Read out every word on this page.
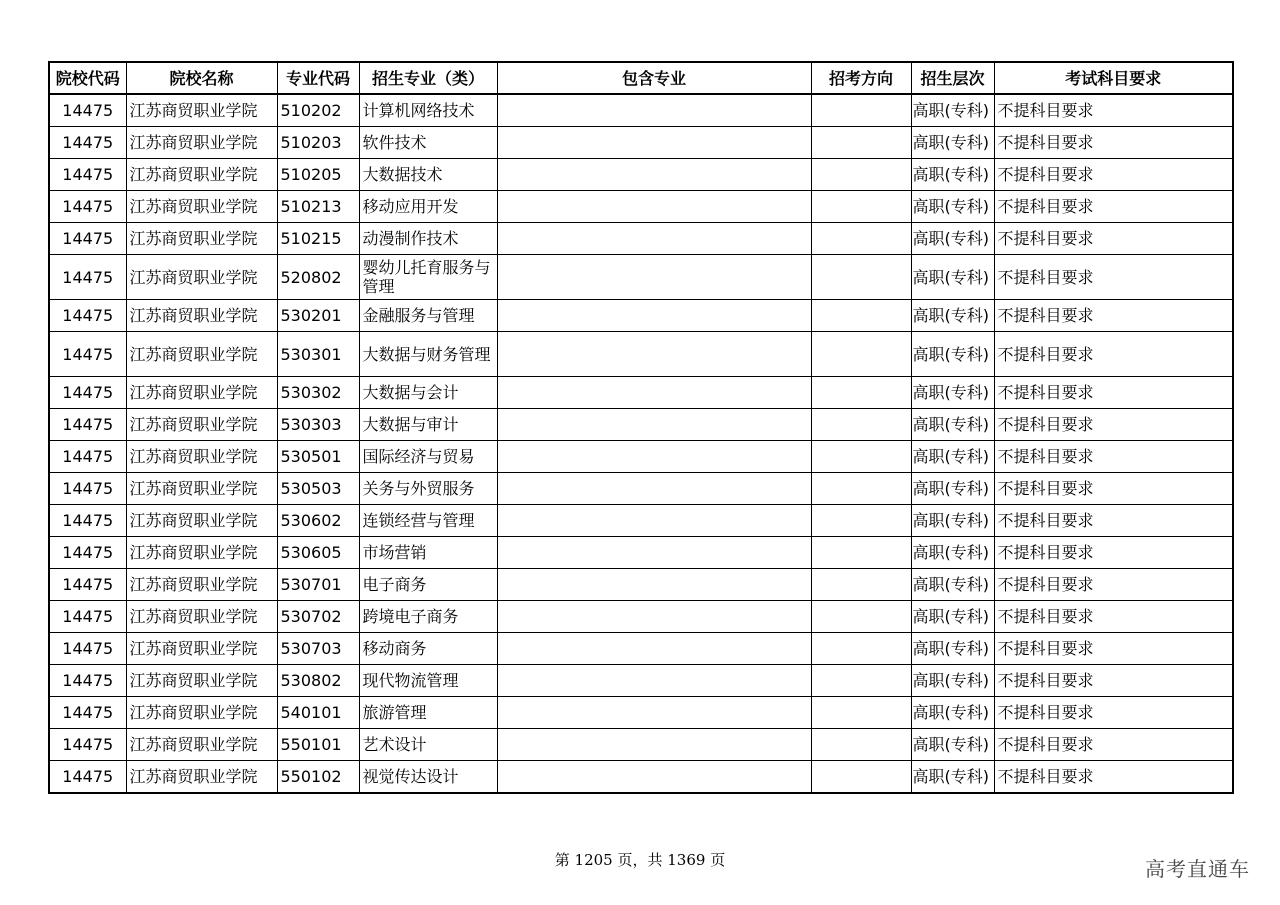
院校代码	院校名称	专业代码	招生专业（类）	包含专业	招考方向	招生层次	考试科目要求
14475	江苏商贸职业学院	510202	计算机网络技术			高职(专科)	不提科目要求
14475	江苏商贸职业学院	510203	软件技术			高职(专科)	不提科目要求
14475	江苏商贸职业学院	510205	大数据技术			高职(专科)	不提科目要求
14475	江苏商贸职业学院	510213	移动应用开发			高职(专科)	不提科目要求
14475	江苏商贸职业学院	510215	动漫制作技术			高职(专科)	不提科目要求
14475	江苏商贸职业学院	520802	婴幼儿托育服务与管理			高职(专科)	不提科目要求
14475	江苏商贸职业学院	530201	金融服务与管理			高职(专科)	不提科目要求
14475	江苏商贸职业学院	530301	大数据与财务管理			高职(专科)	不提科目要求
14475	江苏商贸职业学院	530302	大数据与会计			高职(专科)	不提科目要求
14475	江苏商贸职业学院	530303	大数据与审计			高职(专科)	不提科目要求
14475	江苏商贸职业学院	530501	国际经济与贸易			高职(专科)	不提科目要求
14475	江苏商贸职业学院	530503	关务与外贸服务			高职(专科)	不提科目要求
14475	江苏商贸职业学院	530602	连锁经营与管理			高职(专科)	不提科目要求
14475	江苏商贸职业学院	530605	市场营销			高职(专科)	不提科目要求
14475	江苏商贸职业学院	530701	电子商务			高职(专科)	不提科目要求
14475	江苏商贸职业学院	530702	跨境电子商务			高职(专科)	不提科目要求
14475	江苏商贸职业学院	530703	移动商务			高职(专科)	不提科目要求
14475	江苏商贸职业学院	530802	现代物流管理			高职(专科)	不提科目要求
14475	江苏商贸职业学院	540101	旅游管理			高职(专科)	不提科目要求
14475	江苏商贸职业学院	550101	艺术设计			高职(专科)	不提科目要求
14475	江苏商贸职业学院	550102	视觉传达设计			高职(专科)	不提科目要求
第 1205 页，共 1369 页	高考直通车
